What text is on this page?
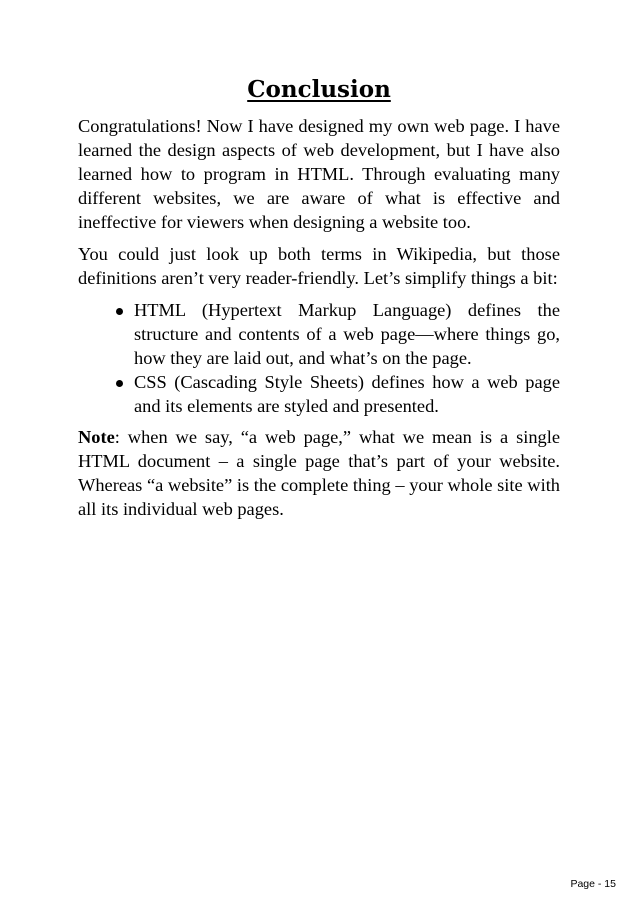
Conclusion

Congratulations! Now I have designed my own web page. I have learned the design aspects of web development, but I have also learned how to program in HTML. Through evaluating many different websites, we are aware of what is effective and ineffective for viewers when designing a website too.

You could just look up both terms in Wikipedia, but those definitions aren’t very reader-friendly. Let’s simplify things a bit:

HTML (Hypertext Markup Language) defines the structure and contents of a web page—where things go, how they are laid out, and what’s on the page.
CSS (Cascading Style Sheets) defines how a web page and its elements are styled and presented.

Note: when we say, “a web page,” what we mean is a single HTML document – a single page that’s part of your website. Whereas “a website” is the complete thing – your whole site with all its individual web pages.

Page - 15
